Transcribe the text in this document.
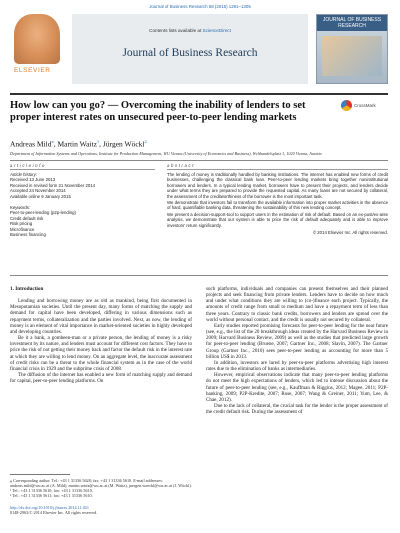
Journal of Business Research 68 (2015) 1291–1305
ELSEVIER
Contents lists available at ScienceDirect
Journal of Business Research
JOURNAL OF BUSINESS RESEARCH
How low can you go? — Overcoming the inability of lenders to set proper interest rates on unsecured peer-to-peer lending markets
CrossMark
Andreas Mild⁎, Martin Waitz$^1$, Jürgen Wöckl$^2$
Department of Information Systems and Operations, Institute for Production Management, WU Vienna (University of Economics and Business), Welthandelsplatz 1, 1020 Vienna, Austria
a r t i c l e i n f o
Article history:
Received 13 June 2013
Received in revised form 21 November 2014
Accepted 24 November 2014
Available online 9 January 2015
Keywords:
Peer-to-peer-lending (p2p-lending)
Credit default risk
Risk pricing
Microfinance
Business financing
a b s t r a c t

The lending of money is traditionally handled by banking institutions. The internet has enabled new forms of credit businesses, challenging the classical bank loan. Peer-to-peer lending markets bring together noninstitutional borrowers and lenders. In a typical lending market, borrowers have to present their projects, and lenders decide under what terms they are prepared to provide the requested capital. As many loans are not secured by collateral, the assessment of the creditworthiness of the borrower is the most important task.

We demonstrate that investors fail to transform the available information into proper market activities in the absence of hard, quantifiable banking data, threatening the sustainability of this new lending concept.

We present a decision-support-tool to support users in the estimation of risk of default. Based on an ex-post/ex-ante analysis, we demonstrate that our system is able to price the risk of default adequately and is able to improve investors' return significantly.

© 2014 Elsevier Inc. All rights reserved.
1. Introduction

Lending and borrowing money are as old as mankind, being first documented in Mesopotamian societies. Until the present day, many forms of matching the supply and demand for capital have been developed, differing in various dimensions such as repayment terms, collateralization and the parties involved. Next, as now, the lending of money is an element of vital importance in market-oriented societies in highly developed and developing countries.

Be it a bank, a gombeen-man or a private person, the lending of money is a risky investment by its nature, and lenders must account for different cost factors. They have to price the risk of not getting their money back and factor the default risk in the interest rate at which they are willing to lend money. On an aggregate level, the inaccurate assessment of credit risks can be a threat to the whole financial system as in the case of the world financial crisis in 1929 and the subprime crisis of 2008.

The diffusion of the internet has enabled a new form of matching supply and demand for capital, peer-to-peer lending platforms. On

such platforms, individuals and companies can present themselves and their planned projects and seek financing from private lenders. Lenders have to decide on how much and under what conditions they are willing to (co-)finance each project. Typically, the amounts of credit range from small to medium and have a repayment term of less than three years. Contrary to classic bank credits, borrowers and lenders are spread over the world without personal contact, and the credit is usually not secured by collateral.

Early studies reported promising forecasts for peer-to-peer lending for the near future (see, e.g., the list of the 20 breakthrough ideas created by the Harvard Business Review in 2009; Harvard Business Review, 2009) as well as the studies that predicted large growth for peer-to-peer lending (Bruene, 2007; Gartner Inc., 2008; Slavin, 2007). The Gartner Group (Gartner Inc., 2010) sees peer-to-peer lending as accounting for more than 5 billion US$ in 2013.

In addition, investors are lured by peer-to-peer platforms advertising high interest rates due to the elimination of banks as intermediaries.

However, empirical observations indicate that many peer-to-peer lending platforms do not meet the high expectations of lenders, which led to intense discussion about the future of peer-to-peer lending (see, e.g., Kauffman & Riggins, 2012; Magee, 2011; P2P-banking, 2009; P2P-Kredite, 2007; Rose, 2007; Wang & Greiner, 2011; Yum, Lee, & Chae, 2012).

Due to the lack of collateral, the crucial task for the lender is the proper assessment of the credit default risk. During the assessment of

⁎ Corresponding author. Tel.: +43 1 31336 5628; fax: +43 1 31336 5610. E-mail addresses: andreas.mild@wu.ac.at (A. Mild), martin.waitz@wu.ac.at (M. Waitz), juergen.woeckl@wu.ac.at (J. Wöckl).
¹ Tel.: +43 1 31336 5610; fax: +43 1 31336 5610.
² Tel.: +43 1 31336 5611; fax: +43 1 31336 5610.
http://dx.doi.org/10.1016/j.jbusres.2014.11.021
0148-2963/© 2014 Elsevier Inc. All rights reserved.
